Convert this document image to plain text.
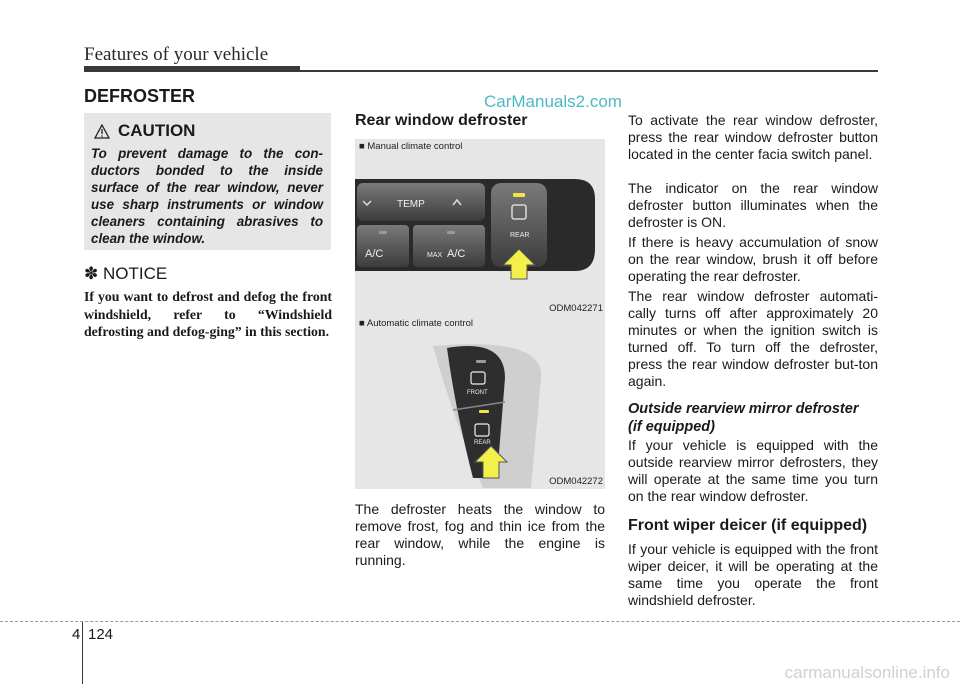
Features of your vehicle
DEFROSTER	CarManuals2.com
CAUTION
To prevent damage to the con-ductors bonded to the inside surface of the rear window, never use sharp instruments or window cleaners containing abrasives to clean the window.
✽ NOTICE
If you want to defrost and defog the front windshield, refer to “Windshield defrosting and defog-ging” in this section.
Rear window defroster
■ Manual climate control
TEMP
A/C	MAX A/C
REAR
ODM042271
■ Automatic climate control
FRONT
REAR
ODM042272
The defroster heats the window to remove frost, fog and thin ice from the rear window, while the engine is running.
To activate the rear window defroster, press the rear window defroster button located in the center facia switch panel.
The indicator on the rear window defroster button illuminates when the defroster is ON.
If there is heavy accumulation of snow on the rear window, brush it off before operating the rear defroster.
The rear window defroster automati-cally turns off after approximately 20 minutes or when the ignition switch is turned off. To turn off the defroster, press the rear window defroster but-ton again.
Outside rearview mirror defroster
(if equipped)
If your vehicle is equipped with the outside rearview mirror defrosters, they will operate at the same time you turn on the rear window defroster.
Front wiper deicer (if equipped)
If your vehicle is equipped with the front wiper deicer, it will be operating at the same time you operate the front windshield defroster.
4 124
carmanualsonline.info
